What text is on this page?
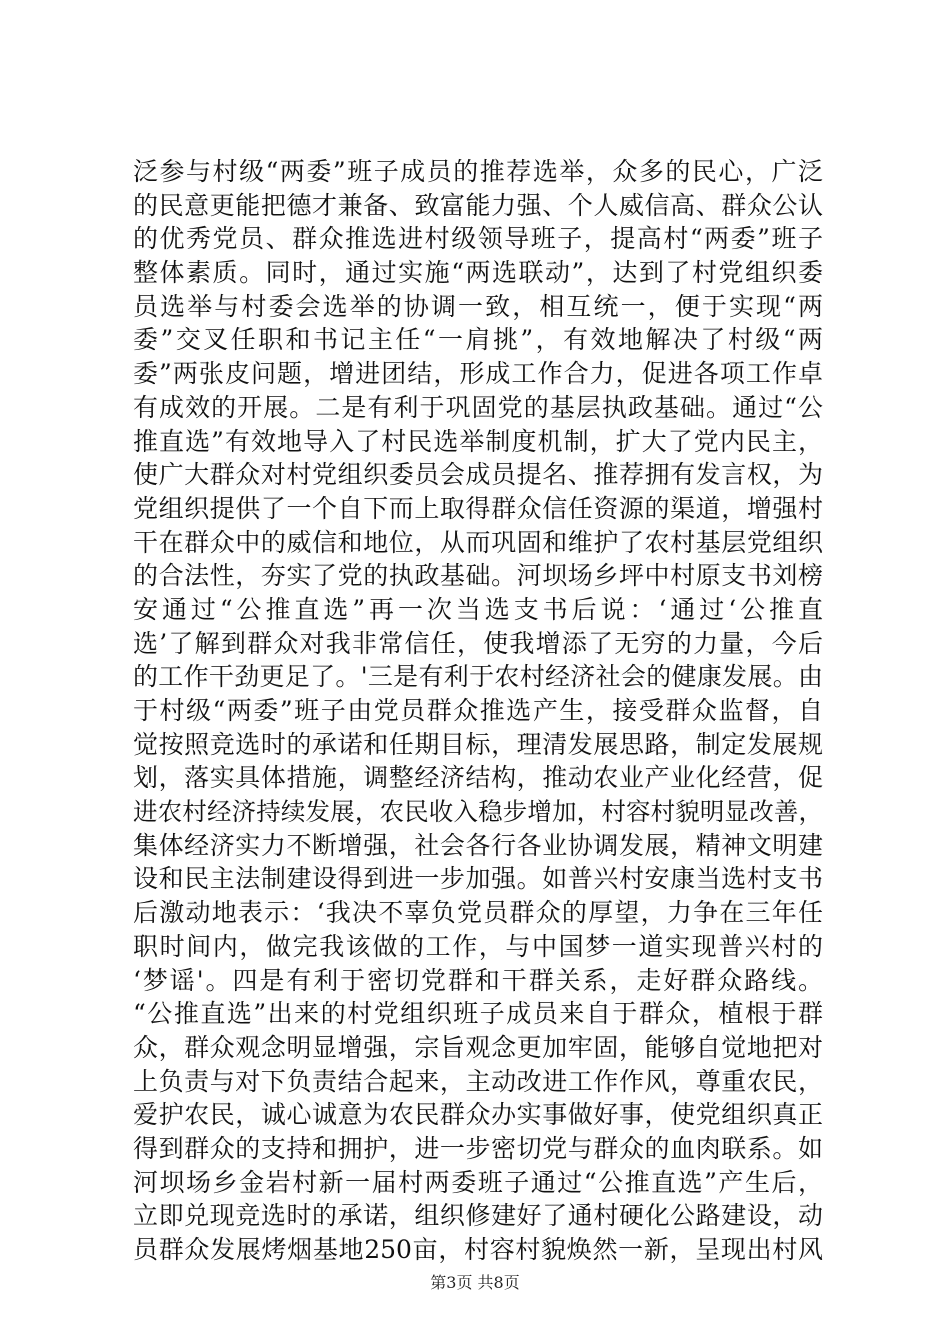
泛参与村级“两委”班子成员的推荐选举，众多的民心，广泛
的民意更能把德才兼备、致富能力强、个人威信高、群众公认
的优秀党员、群众推选进村级领导班子，提高村“两委”班子
整体素质。同时，通过实施“两选联动”，达到了村党组织委
员选举与村委会选举的协调一致，相互统一，便于实现“两
委”交叉任职和书记主任“一肩挑”，有效地解决了村级“两
委”两张皮问题，增进团结，形成工作合力，促进各项工作卓
有成效的开展。二是有利于巩固党的基层执政基础。通过“公
推直选”有效地导入了村民选举制度机制，扩大了党内民主，
使广大群众对村党组织委员会成员提名、推荐拥有发言权，为
党组织提供了一个自下而上取得群众信任资源的渠道，增强村
干在群众中的威信和地位，从而巩固和维护了农村基层党组织
的合法性，夯实了党的执政基础。河坝场乡坪中村原支书刘榜
安通过“公推直选”再一次当选支书后说：‘通过‘公推直
选’了解到群众对我非常信任，使我增添了无穷的力量，今后
的工作干劲更足了。'三是有利于农村经济社会的健康发展。由
于村级“两委”班子由党员群众推选产生，接受群众监督，自
觉按照竞选时的承诺和任期目标，理清发展思路，制定发展规
划，落实具体措施，调整经济结构，推动农业产业化经营，促
进农村经济持续发展，农民收入稳步增加，村容村貌明显改善，
集体经济实力不断增强，社会各行各业协调发展，精神文明建
设和民主法制建设得到进一步加强。如普兴村安康当选村支书
后激动地表示：‘我决不辜负党员群众的厚望，力争在三年任
职时间内，做完我该做的工作，与中国梦一道实现普兴村的
‘梦谣'。四是有利于密切党群和干群关系，走好群众路线。
“公推直选”出来的村党组织班子成员来自于群众，植根于群
众，群众观念明显增强，宗旨观念更加牢固，能够自觉地把对
上负责与对下负责结合起来，主动改进工作作风，尊重农民，
爱护农民，诚心诚意为农民群众办实事做好事，使党组织真正
得到群众的支持和拥护，进一步密切党与群众的血肉联系。如
河坝场乡金岩村新一届村两委班子通过“公推直选”产生后，
立即兑现竞选时的承诺，组织修建好了通村硬化公路建设，动
员群众发展烤烟基地250亩，村容村貌焕然一新，呈现出村风
第3页 共8页
